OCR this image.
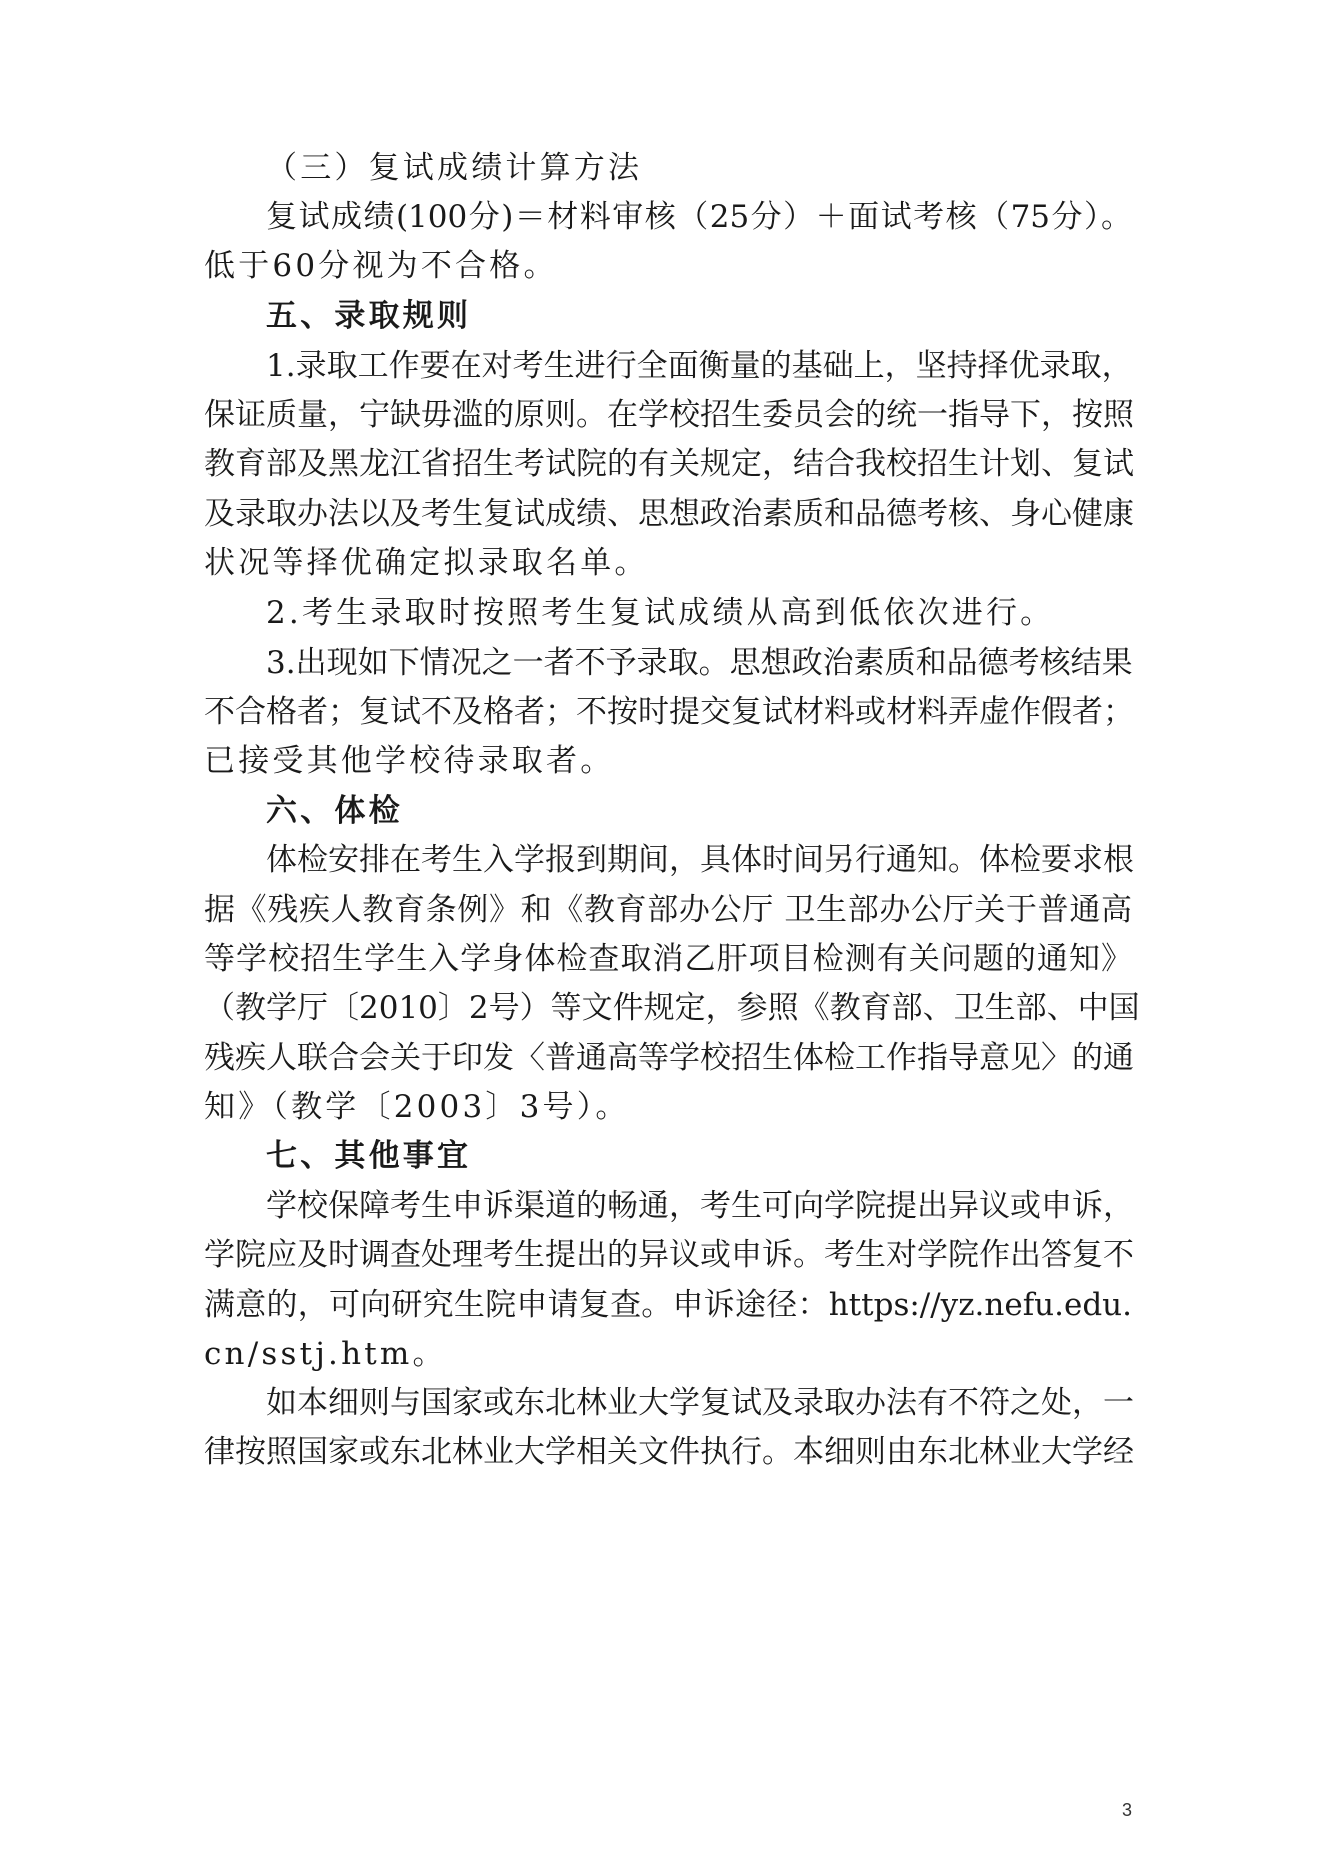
（三）复试成绩计算方法
复试成绩(100分)＝材料审核（25分）＋面试考核（75分）。
低于60分视为不合格。
五、录取规则
1.录取工作要在对考生进行全面衡量的基础上，坚持择优录取，
保证质量，宁缺毋滥的原则。在学校招生委员会的统一指导下，按照
教育部及黑龙江省招生考试院的有关规定，结合我校招生计划、复试
及录取办法以及考生复试成绩、思想政治素质和品德考核、身心健康
状况等择优确定拟录取名单。
2.考生录取时按照考生复试成绩从高到低依次进行。
3.出现如下情况之一者不予录取。思想政治素质和品德考核结果
不合格者；复试不及格者；不按时提交复试材料或材料弄虚作假者；
已接受其他学校待录取者。
六、体检
体检安排在考生入学报到期间，具体时间另行通知。体检要求根
据《残疾人教育条例》和《教育部办公厅 卫生部办公厅关于普通高
等学校招生学生入学身体检查取消乙肝项目检测有关问题的通知》
（教学厅〔2010〕2号）等文件规定，参照《教育部、卫生部、中国
残疾人联合会关于印发〈普通高等学校招生体检工作指导意见〉的通
知》（教学〔2003〕3号）。
七、其他事宜
学校保障考生申诉渠道的畅通，考生可向学院提出异议或申诉，
学院应及时调查处理考生提出的异议或申诉。考生对学院作出答复不
满意的，可向研究生院申请复查。申诉途径：https://yz.nefu.edu.
cn/sstj.htm。
如本细则与国家或东北林业大学复试及录取办法有不符之处，一
律按照国家或东北林业大学相关文件执行。本细则由东北林业大学经
3
